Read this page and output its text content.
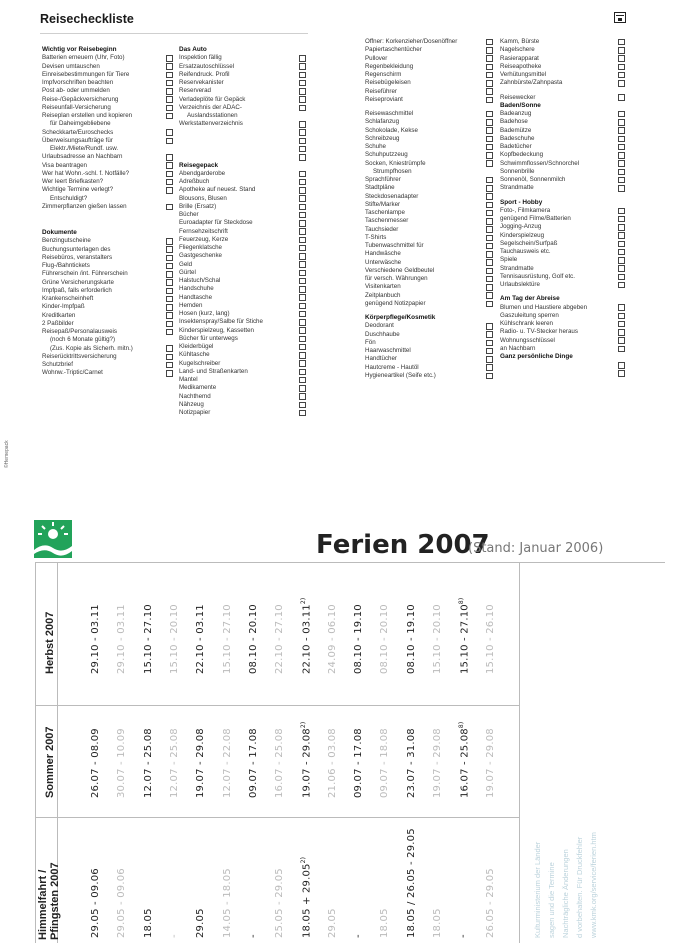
Reisecheckliste
Wichtig vor Reisebeginn
Batterien erneuern (Uhr, Foto)
Devisen umtauschen
Einreisebestimmungen für Tiere
Impfvorschriften beachten
Post ab- oder ummelden
Reise-/Gepäckversicherung
Reiseunfall-Versicherung
Reiseplan erstellen und kopieren
für Daheimgebliebene
Scheckkarte/Euroschecks
Überweisungsaufträge für
Elektr./Miete/Rundf. usw.
Urlaubsadresse an Nachbarn
Visa beantragen
Wer hat Wohn.-schl. f. Notfälle?
Wer leert Briefkasten?
Wichtige Termine verlegt?
Entschuldigt?
Zimmerpflanzen gießen lassen
Dokumente
Benzingutscheine
Buchungsunterlagen des
Reisebüros, veranstalters
Flug-/Bahntickets
Führerschein /int. Führerschein
Grüne Versicherungskarte
Impfpaß, falls erforderlich
Krankenscheinheft
Kinder-Impfpaß
Kreditkarten
2 Paßbilder
Reisepaß/Personalausweis
(noch 6 Monate gültig?)
(Zus. Kopie als Sicherh. mitn.)
Reiserücktrittsversicherung
Schutzbrief
Wohnw.-Triptic/Carnet
Das Auto
Inspektion fällig
Ersatzautoschlüssel
Reifendruck. Profil
Reservekanister
Reserverad
Verladeplöte für Gepäck
Verzeichnis der ADAC-
Auslandsstationen
Werkstattenverzeichnis
Reisegepack
Abendgarderobe
Adreßbuch
Apotheke auf neuest. Stand
Blousons, Blusen
Brille (Ersatz)
Bücher
Euroadapter für Steckdose
Fernsehzeitschrift
Feuerzeug, Kerze
Fliegenklatsche
Gastgeschenke
Geld
Gürtel
Halstuch/Schal
Handschuhe
Handtasche
Hemden
Hosen (kurz, lang)
Insektenspray/Salbe für Stiche
Kinderspielzeug, Kassetten
Bücher für unterwegs
Kleiderbügel
Kühltasche
Kugelschreiber
Land- und Straßenkarten
Mantel
Medikamente
Nachthemd
Nähzeug
Notizpapier
Offner: Korkenzieher/Dosenöffner
Papiertaschentücher
Pullover
Regenbekleidung
Regenschirm
Reisebügeleisen
Reiseführer
Reiseproviant
Reisewaschmittel
Schlafanzug
Schokolade, Kekse
Schreibzeug
Schuhe
Schuhputzzeug
Socken, Kniestrümpfe
Strumpfhosen
Sprachführer
Stadtpläne
Steckdosenadapter
Stifte/Marker
Taschenlampe
Taschenmesser
Tauchsieder
T-Shirts
Tubenwaschmittel für
Handwäsche
Unterwäsche
Verschiedene Geldbeutel
für versch. Währungen
Visitenkarten
Zeitplanbuch
genügend Notizpapier
Körperpflege/Kosmetik
Deodorant
Duschhaube
Fön
Haarwaschmittel
Handtücher
Hautcreme - Hautöl
Hygieneartikel (Seife etc.)
Kamm, Bürste
Nagelschere
Rasierapparat
Reiseapotheke
Verhütungsmittel
Zahnbürste/Zahnpasta
Reisewecker
Baden/Sonne
Badeanzug
Badehose
Bademütze
Badeschuhe
Badetücher
Kopfbedeckung
Schwimmflossen/Schnorchel
Sonnenbrille
Sonnenöl, Sonnenmilch
Strandmatte
Sport - Hobby
Foto-, Filmkamera
genügend Filme/Batterien
Jogging-Anzug
Kinderspielzeug
Segelschein/Surfpaß
Tauchausweis etc.
Spiele
Strandmatte
Tennisausrüstung, Golf etc.
Urlaubslektüre
Am Tag der Abreise
Blumen und Haustiere abgeben
Gaszuleitung sperren
Kühlschrank leeren
Radio- u. TV-Stecker heraus
Wohnungsschlüssel
an Nachbarn
Ganz persönliche Dinge
©Hemepack
Ferien 2007
(Stand: Januar 2006)
Herbst 2007
Sommer 2007
Himmelfahrt / Pfingsten 2007
29.10 - 03.11 29.10 - 03.11 15.10 - 27.10 15.10 - 20.10 22.10 - 03.11 15.10 - 27.10 08.10 - 20.10 22.10 - 27.10 22.10 - 03.11$^{2)}$
24.09 - 06.10 08.10 - 19.10 08.10 - 20.10 08.10 - 19.10 15.10 - 20.10 15.10 - 27.10$^{8)}$
15.10 - 26.10
26.07 - 08.09 30.07 - 10.09 12.07 - 25.08 12.07 - 25.08 19.07 - 29.08 12.07 - 22.08 09.07 - 17.08 16.07 - 25.08 19.07 - 29.08$^{2)}$
21.06 - 03.08 09.07 - 17.08 09.07 - 18.08 23.07 - 31.08 19.07 - 29.08 16.07 - 25.08$^{8)}$
19.07 - 29.08
29.05 - 09.06 29.05 - 09.06 18.05 - 29.05 14.05 - 18.05 - 25.05 - 29.05 $18.05 + 29.05^{2)}$
29.05 - 18.05 18.05 / 26.05 - 29.05 18.05 - 26.05 - 29.05	Kulturministerium der Länder sagen und die Termine Nachträgliche Änderungen d vorbehalten. Für Druckfehler www.kmk.org/service/ferien.htm
